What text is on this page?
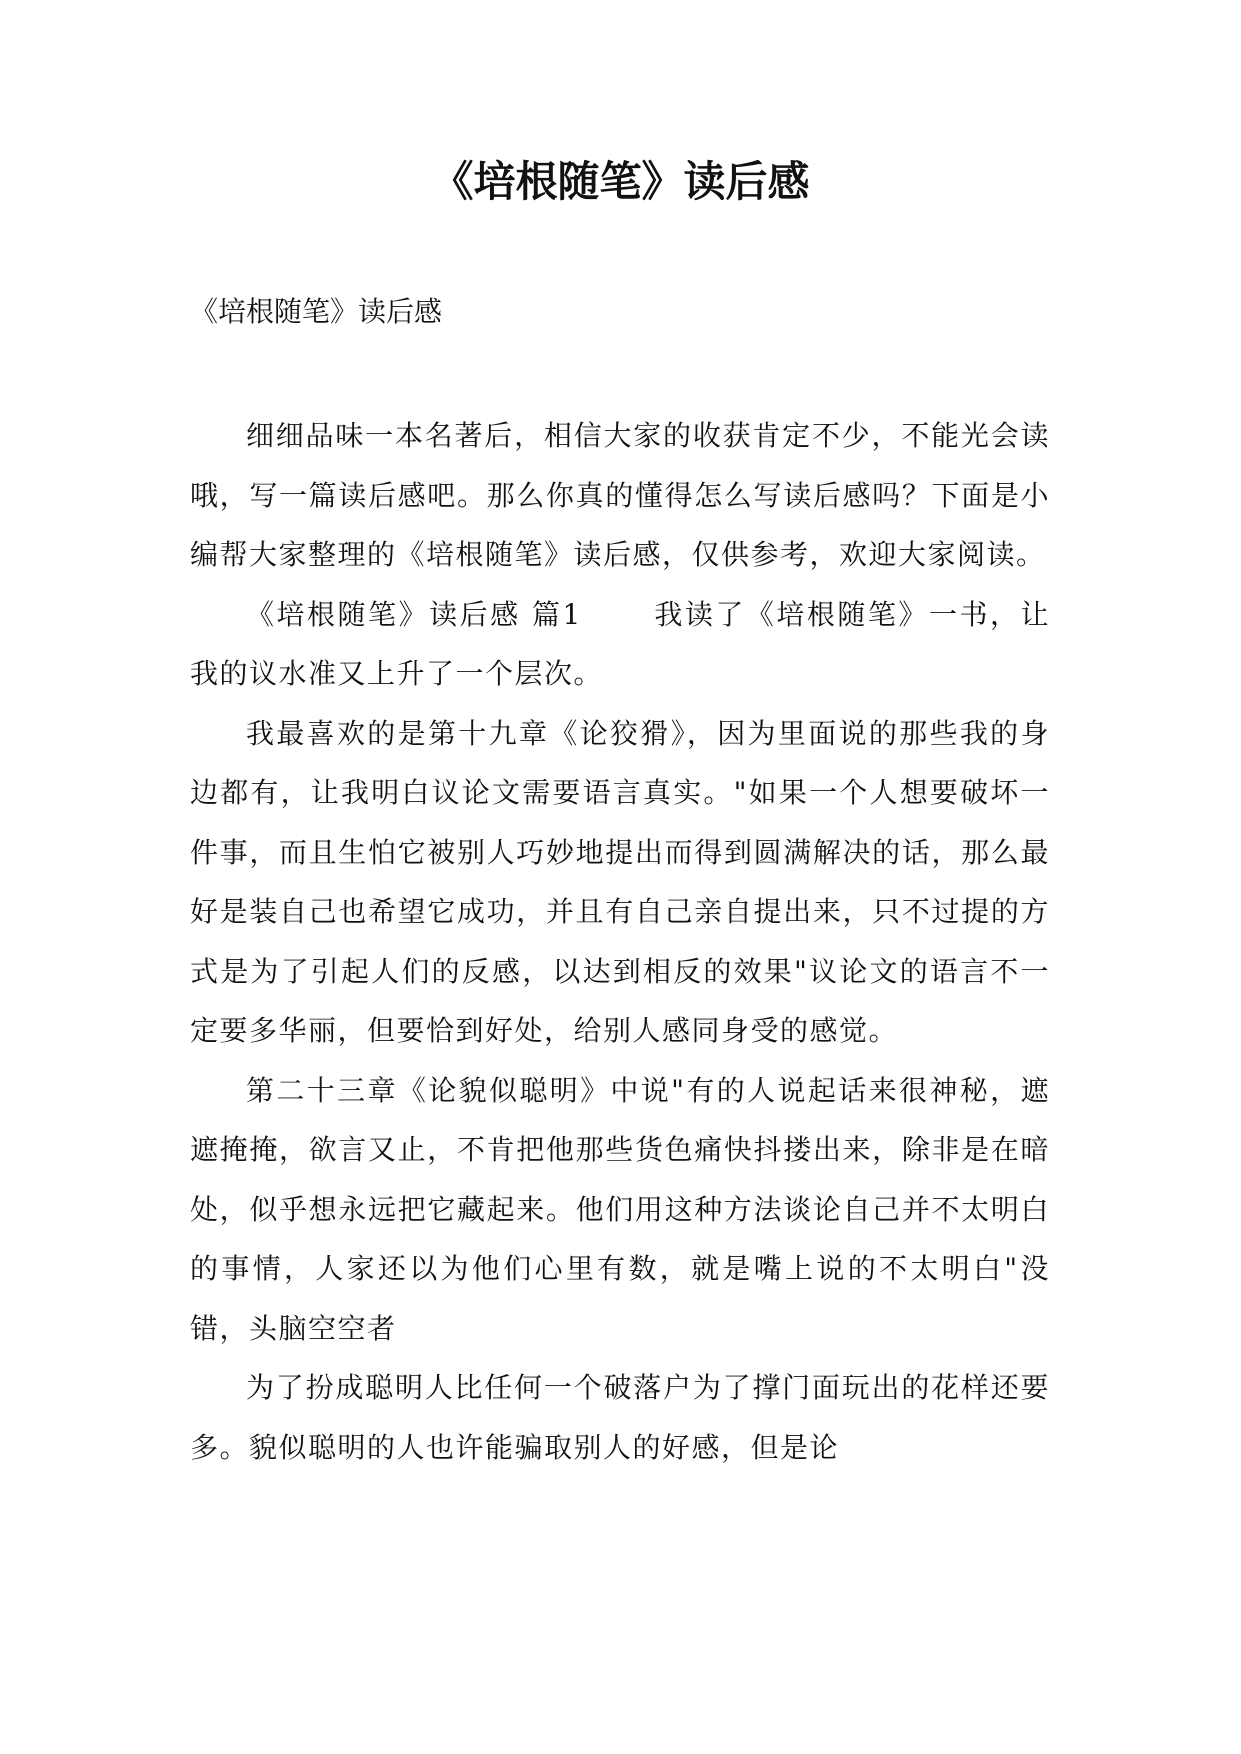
《培根随笔》读后感
《培根随笔》读后感

细细品味一本名著后，相信大家的收获肯定不少，不能光会读哦，写一篇读后感吧。那么你真的懂得怎么写读后感吗？下面是小编帮大家整理的《培根随笔》读后感，仅供参考，欢迎大家阅读。

《培根随笔》读后感 篇1 　　我读了《培根随笔》一书，让我的议水准又上升了一个层次。

我最喜欢的是第十九章《论狡猾》，因为里面说的那些我的身边都有，让我明白议论文需要语言真实。"如果一个人想要破坏一件事，而且生怕它被别人巧妙地提出而得到圆满解决的话，那么最好是装自己也希望它成功，并且有自己亲自提出来，只不过提的方式是为了引起人们的反感，以达到相反的效果"议论文的语言不一定要多华丽，但要恰到好处，给别人感同身受的感觉。

第二十三章《论貌似聪明》中说"有的人说起话来很神秘，遮遮掩掩，欲言又止，不肯把他那些货色痛快抖搂出来，除非是在暗处，似乎想永远把它藏起来。他们用这种方法谈论自己并不太明白的事情，人家还以为他们心里有数，就是嘴上说的不太明白"没错，头脑空空者

为了扮成聪明人比任何一个破落户为了撑门面玩出的花样还要多。貌似聪明的人也许能骗取别人的好感，但是论
